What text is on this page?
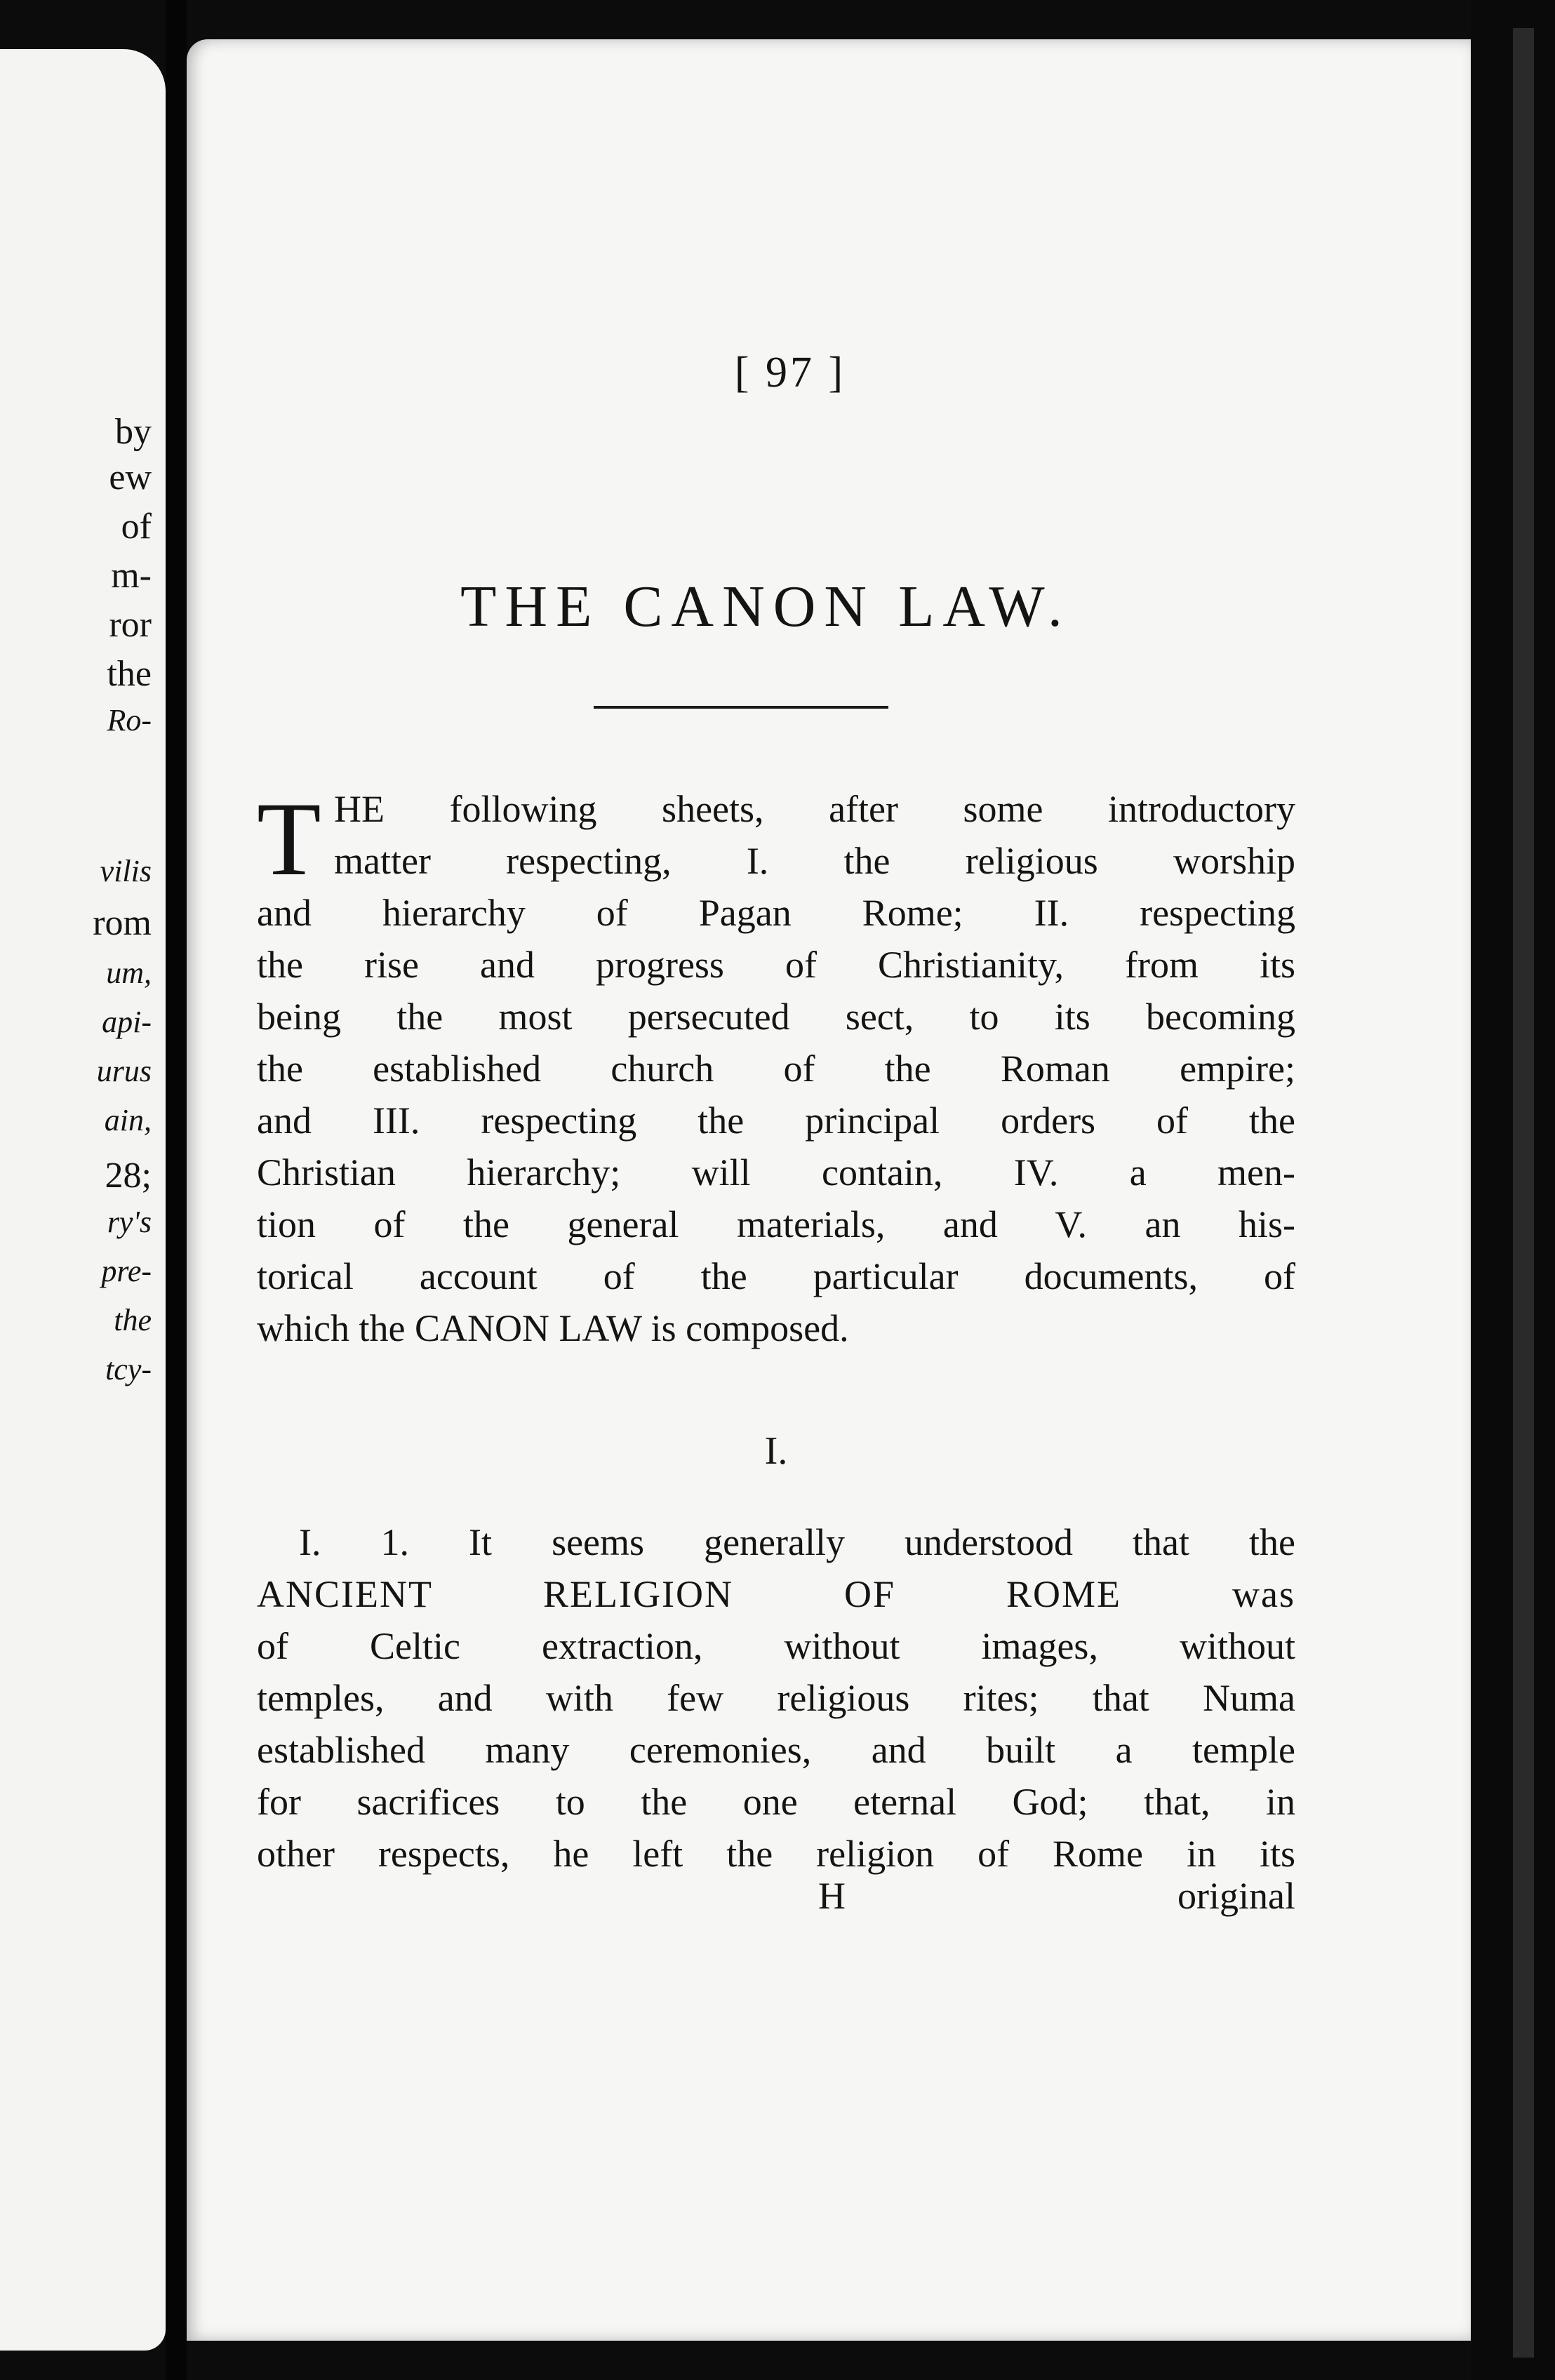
by
ew
of
m-
ror
the
Ro-
vilis
rom
um,
api-
urus
ain,
28;
ry's
pre-
the
tcy-
[ 97 ]
THE CANON LAW.
T HE following sheets, after some introductory
matter respecting, I. the religious worship
and hierarchy of Pagan Rome; II. respecting
the rise and progress of Christianity, from its
being the most persecuted sect, to its becoming
the established church of the Roman empire;
and III. respecting the principal orders of the
Christian hierarchy; will contain, IV. a men-
tion of the general materials, and V. an his-
torical account of the particular documents, of
which the CANON LAW is composed.
I.
I. 1. It seems generally understood that the
ANCIENT RELIGION OF ROME was
of Celtic extraction, without images, without
temples, and with few religious rites; that Numa
established many ceremonies, and built a temple
for sacrifices to the one eternal God; that, in
other respects, he left the religion of Rome in its
H	original
